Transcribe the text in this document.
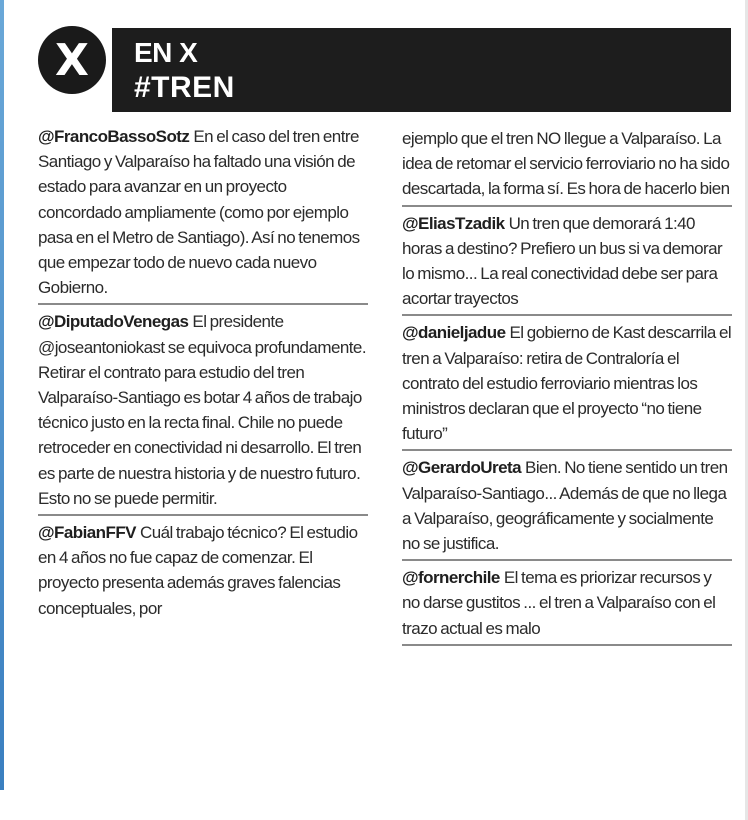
X	EN X
#TREN
@FrancoBassoSotz En el caso del tren entre Santiago y Valparaíso ha faltado una visión de estado para avanzar en un proyecto concordado ampliamente (como por ejemplo pasa en el Metro de Santiago). Así no tenemos que empezar todo de nuevo cada nuevo Gobierno.
@DiputadoVenegas El presidente @joseantoniokast se equivoca profundamente. Retirar el contrato para estudio del tren Valparaíso-Santiago es botar 4 años de trabajo técnico justo en la recta final. Chile no puede retroceder en conectividad ni desarrollo. El tren es parte de nuestra historia y de nuestro futuro. Esto no se puede permitir.
@FabianFFV Cuál trabajo técnico? El estudio en 4 años no fue capaz de comenzar. El proyecto presenta además graves falencias conceptuales, por
ejemplo que el tren NO llegue a Valparaíso. La idea de retomar el servicio ferroviario no ha sido descartada, la forma sí. Es hora de hacerlo bien
@EliasTzadik Un tren que demorará 1:40 horas a destino? Prefiero un bus si va demorar lo mismo... La real conectividad debe ser para acortar trayectos
@danieljadue El gobierno de Kast descarrila el tren a Valparaíso: retira de Contraloría el contrato del estudio ferroviario mientras los ministros declaran que el proyecto “no tiene futuro”
@GerardoUreta Bien. No tiene sentido un tren Valparaíso-Santiago... Además de que no llega a Valparaíso, geográficamente y socialmente no se justifica.
@fornerchile El tema es priorizar recursos y no darse gustitos ... el tren a Valparaíso con el trazo actual es malo
